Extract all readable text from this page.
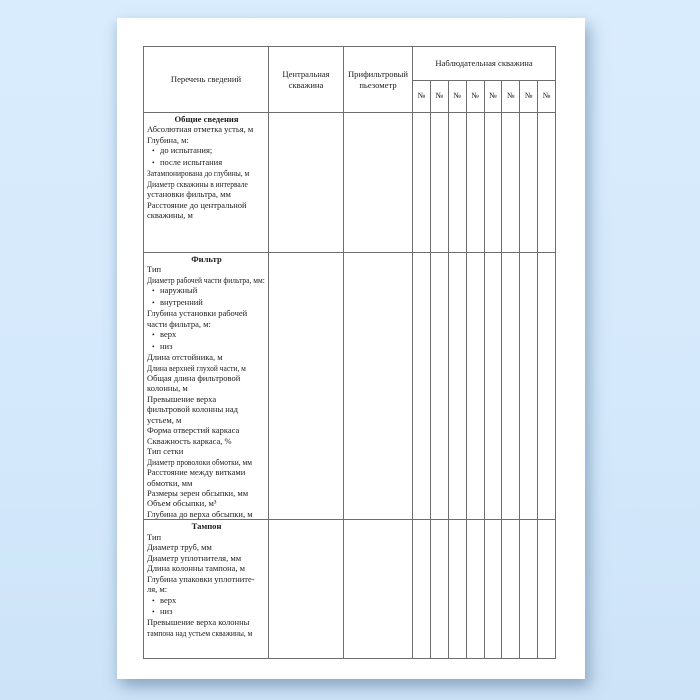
Перечень сведений	Центральная скважина	Прифильтровый пьезометр	Наблюдательная скважина							
			№	№	№	№	№	№	№	№

Общие сведения
Абсолютная отметка устья, м
Глубина, м:
• до испытания;
• после испытания
Затампонирована до глубины, м
Диаметр скважины в интервале
установки фильтра, мм
Расстояние до центральной
скважины, м

Фильтр
Тип
Диаметр рабочей части фильтра, мм:
• наружный
• внутренний
Глубина установки рабочей
части фильтра, м:
• верх
• низ
Длина отстойника, м
Длина верхней глухой части, м
Общая длина фильтровой
колонны, м
Превышение верха
фильтровой колонны над
устьем, м
Форма отверстий каркаса
Скважность каркаса, %
Тип сетки
Диаметр проволоки обмотки, мм
Расстояние между витками
обмотки, мм
Размеры зерен обсыпки, мм
Объем обсыпки, м³
Глубина до верха обсыпки, м

Тампон
Тип
Диаметр труб, мм
Диаметр уплотнителя, мм
Длина колонны тампона, м
Глубина упаковки уплотните-
ля, м:
• верх
• низ
Превышение верха колонны
тампона над устьем скважины, м
